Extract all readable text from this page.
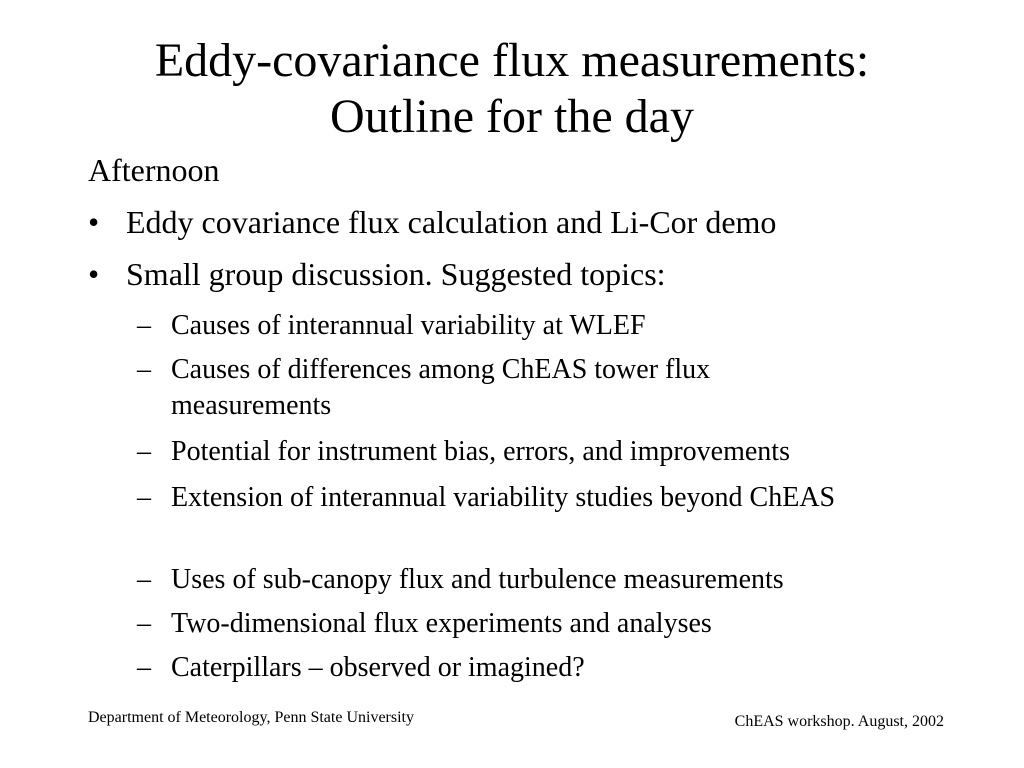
Eddy-covariance flux measurements:
Outline for the day
Afternoon
• Eddy covariance flux calculation and Li-Cor demo
• Small group discussion. Suggested topics:
– Causes of interannual variability at WLEF
– Causes of differences among ChEAS tower flux measurements
– Potential for instrument bias, errors, and improvements
– Extension of interannual variability studies beyond ChEAS
– Uses of sub-canopy flux and turbulence measurements
– Two-dimensional flux experiments and analyses
– Caterpillars – observed or imagined?
Department of Meteorology, Penn State University	ChEAS workshop. August, 2002
